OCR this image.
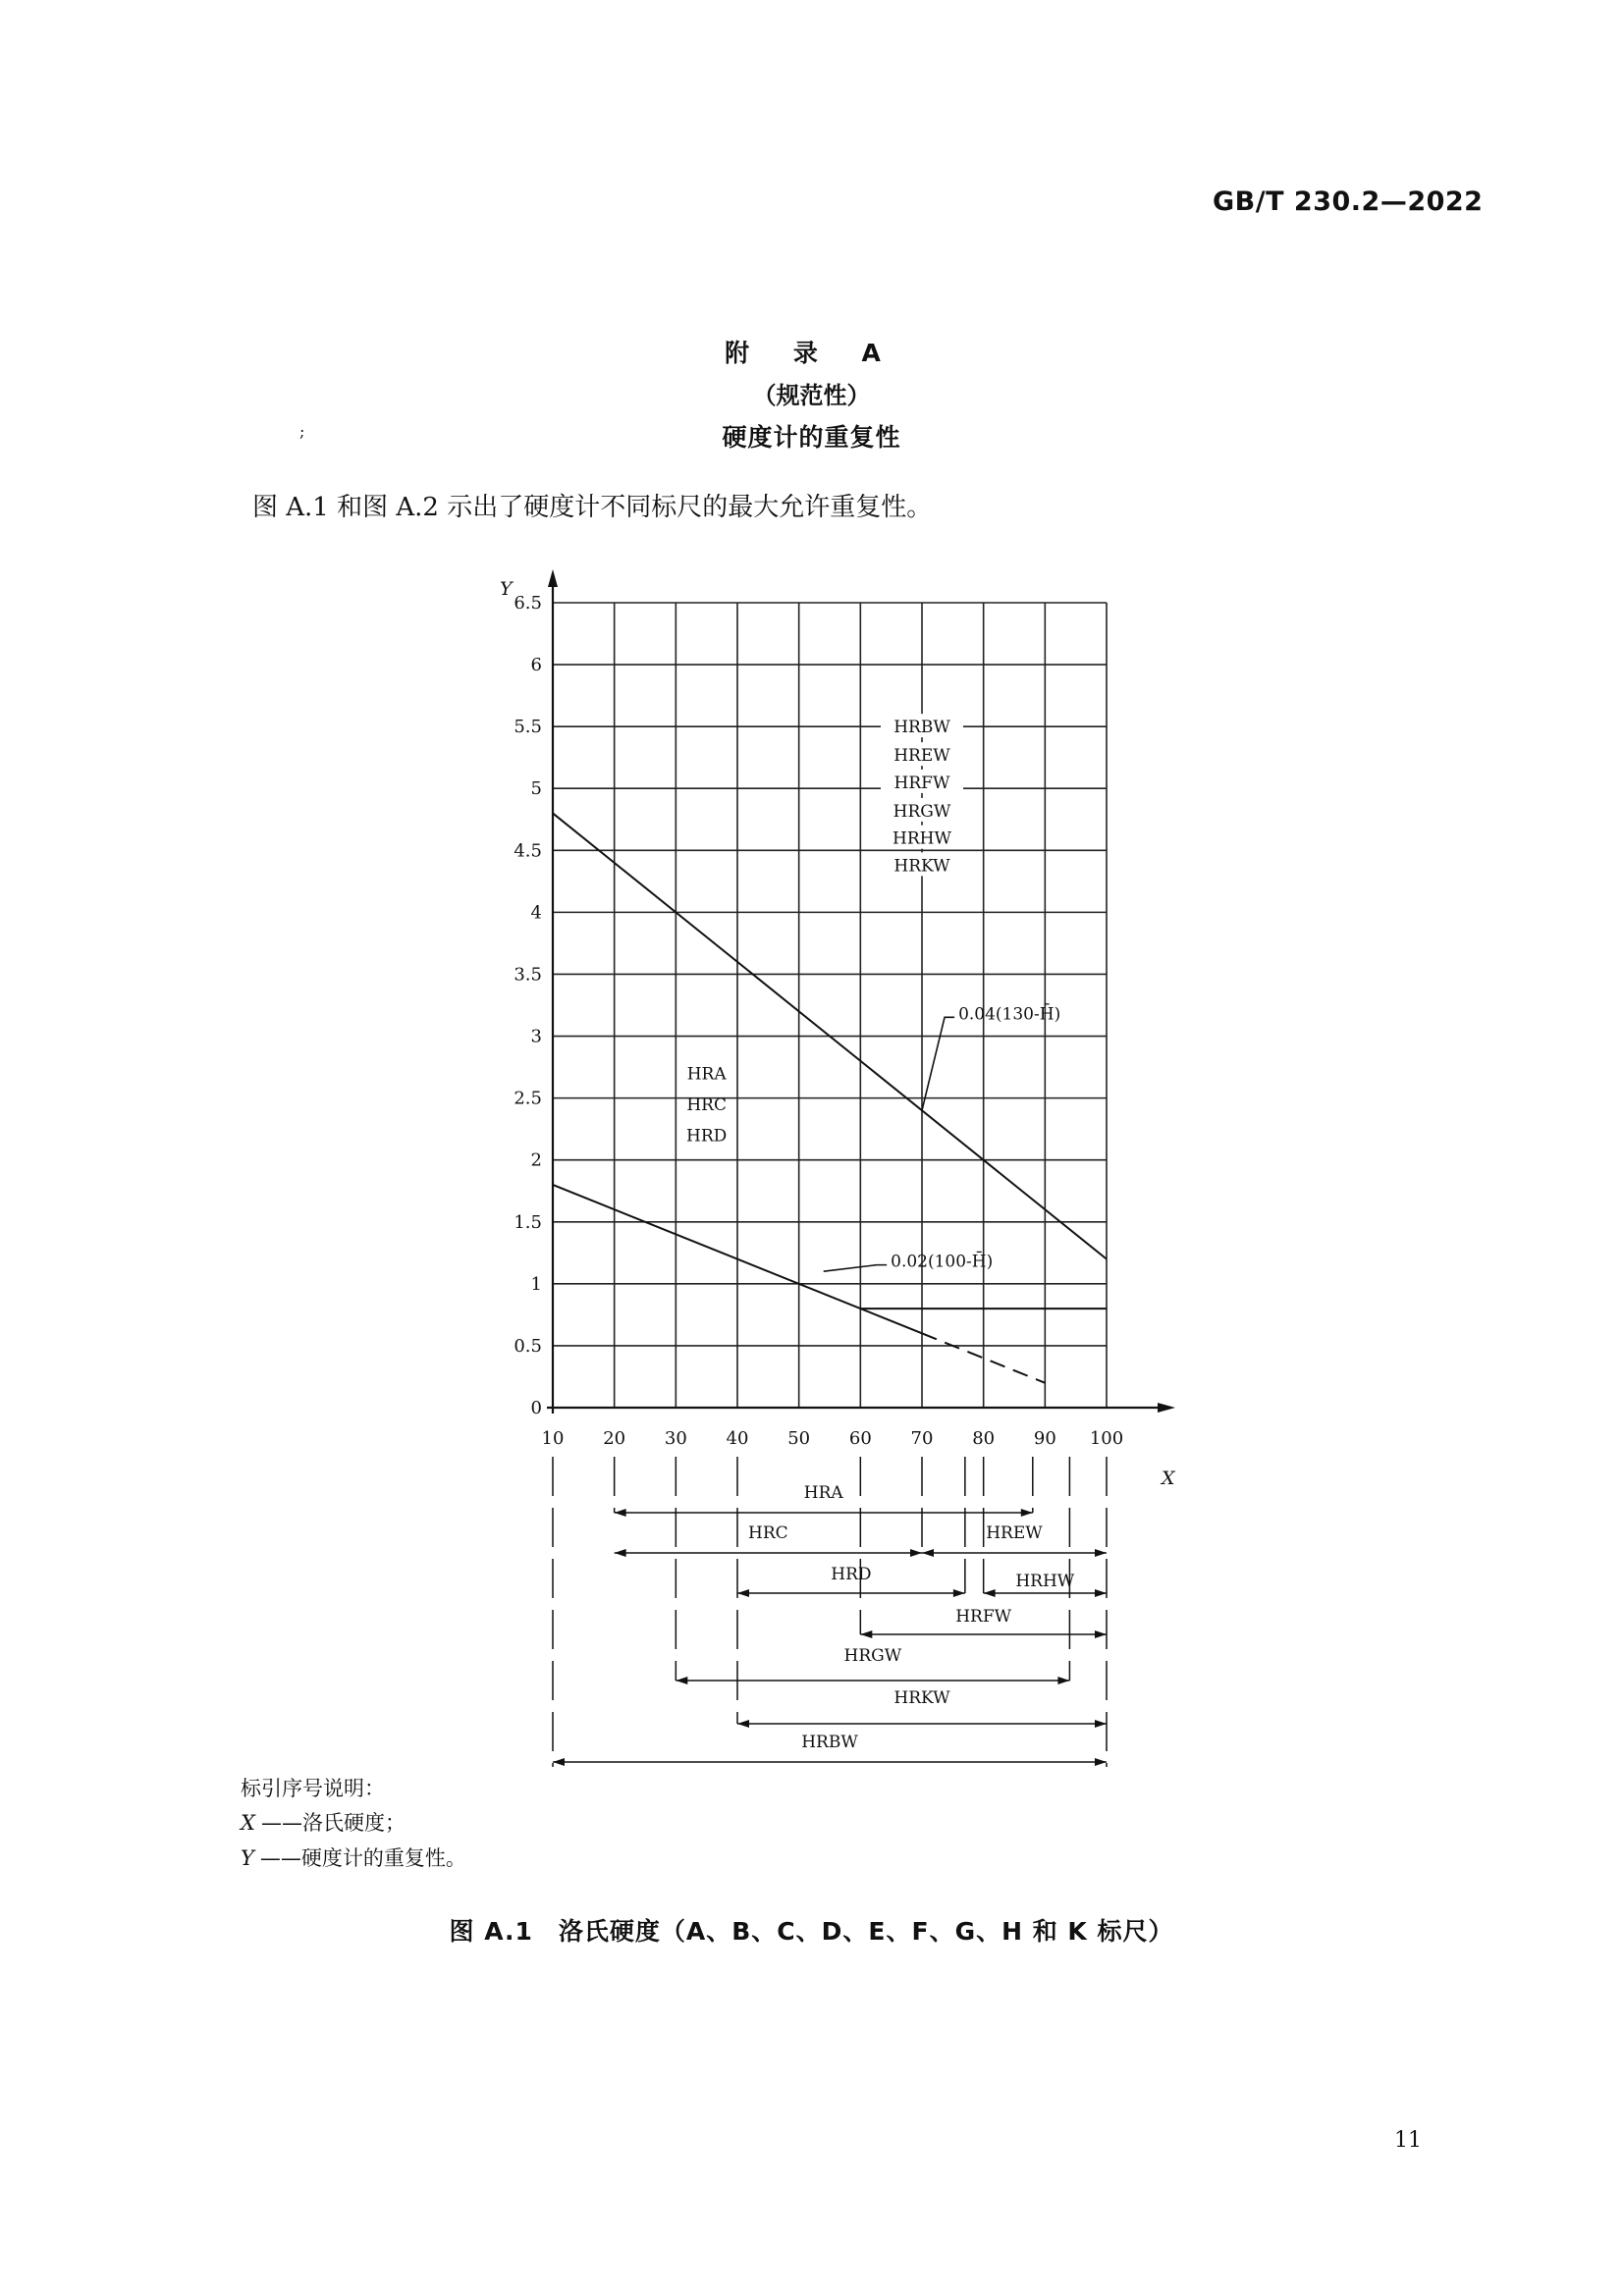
GB/T 230.2—2022
附 录 A
（规范性）
;	硬度计的重复性
图 A.1 和图 A.2 示出了硬度计不同标尺的最大允许重复性。
Y
X
0
0.5
1
1.5
2
2.5
3
3.5
4
4.5
5
5.5
6
6.5
10 20 30 40 50 60 70 80 90 100
0.04(130-H̄)
0.02(100-H̄)
HRA
HRC
HRD
HRBW
HREW
HRFW
HRGW
HRHW
HRKW
HRA
HRC	HREW
HRD	HRHW
HRFW
HRGW
HRKW
HRBW
标引序号说明：
X ——洛氏硬度；
Y ——硬度计的重复性。
图 A.1　洛氏硬度（A、B、C、D、E、F、G、H 和 K 标尺）
11
